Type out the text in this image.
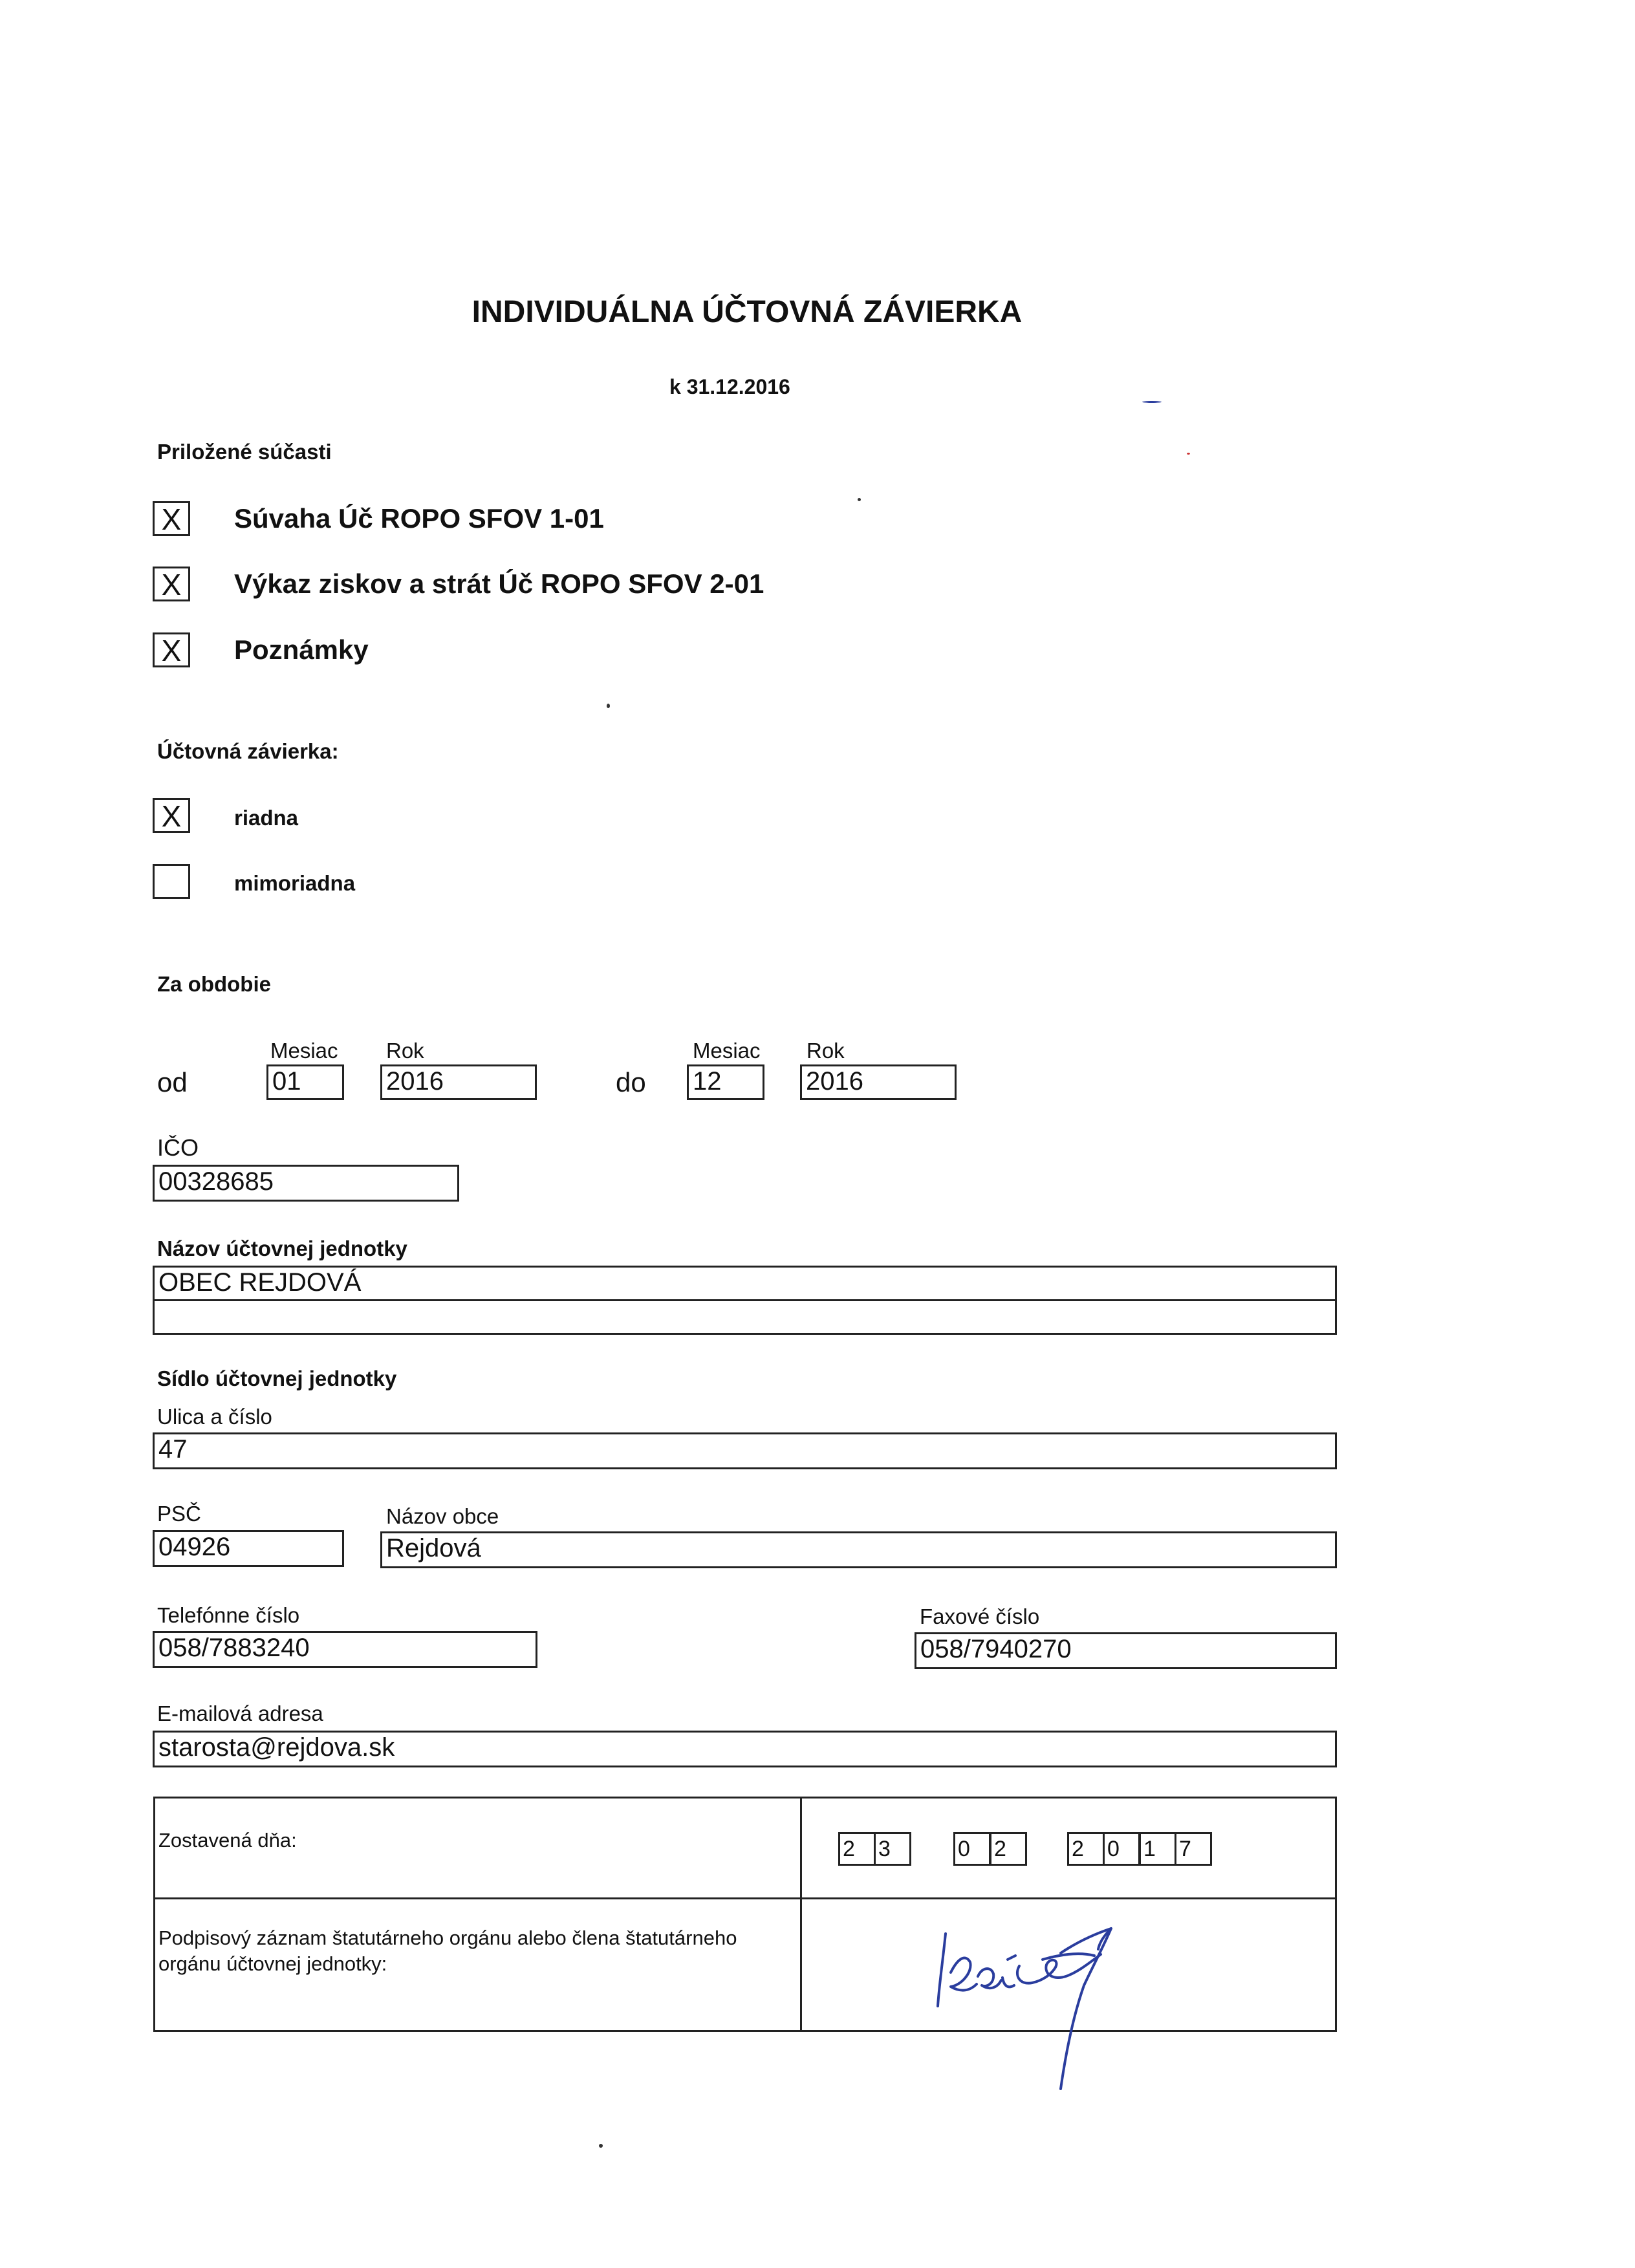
INDIVIDUÁLNA ÚČTOVNÁ ZÁVIERKA
k 31.12.2016
Priložené súčasti
X	Súvaha Úč ROPO SFOV 1-01
X	Výkaz ziskov a strát Úč ROPO SFOV 2-01
X	Poznámky
Účtovná závierka:
X	riadna
mimoriadna
Za obdobie
Mesiac Rok	Mesiac Rok
od	01	2016	do 12	2016
IČO
00328685
Názov účtovnej jednotky
OBEC REJDOVÁ
Sídlo účtovnej jednotky
Ulica a číslo
47
PSČ	Názov obce
04926	Rejdová
Telefónne číslo
058/7883240
Faxové číslo
058/7940270
E-mailová adresa
starosta@rejdova.sk
Zostavená dňa:	2	3	0	2	2	0	1	7
Podpisový záznam štatutárneho orgánu alebo člena štatutárneho orgánu účtovnej jednotky:
